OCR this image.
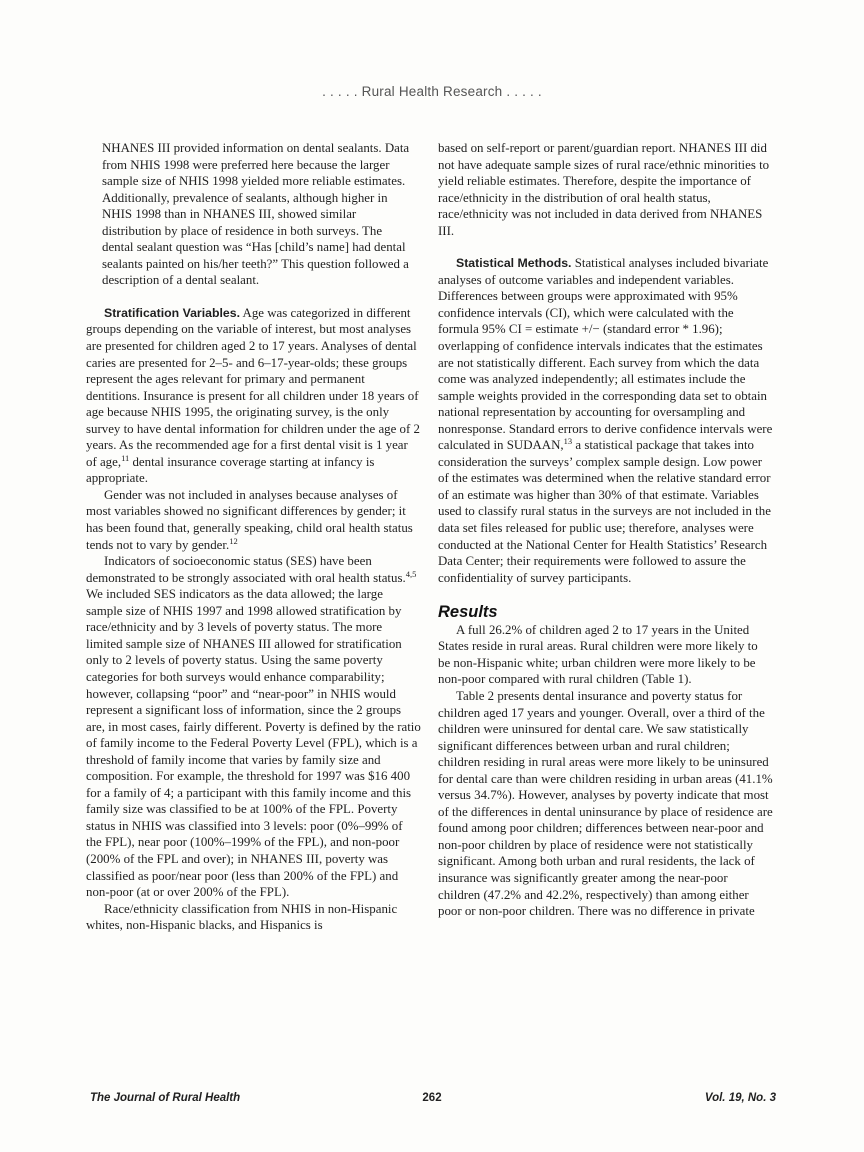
. . . . . Rural Health Research . . . . .

NHANES III provided information on dental sealants. Data from NHIS 1998 were preferred here because the larger sample size of NHIS 1998 yielded more reliable estimates. Additionally, prevalence of sealants, although higher in NHIS 1998 than in NHANES III, showed similar distribution by place of residence in both surveys. The dental sealant question was “Has [child’s name] had dental sealants painted on his/her teeth?” This question followed a description of a dental sealant.

Stratification Variables. Age was categorized in different groups depending on the variable of interest, but most analyses are presented for children aged 2 to 17 years. Analyses of dental caries are presented for 2–5- and 6–17-year-olds; these groups represent the ages relevant for primary and permanent dentitions. Insurance is present for all children under 18 years of age because NHIS 1995, the originating survey, is the only survey to have dental information for children under the age of 2 years. As the recommended age for a first dental visit is 1 year of age,$^{11}$ dental insurance coverage starting at infancy is appropriate.

Gender was not included in analyses because analyses of most variables showed no significant differences by gender; it has been found that, generally speaking, child oral health status tends not to vary by gender.$^{12}$

Indicators of socioeconomic status (SES) have been demonstrated to be strongly associated with oral health status.$^{4,5}$ We included SES indicators as the data allowed; the large sample size of NHIS 1997 and 1998 allowed stratification by race/ethnicity and by 3 levels of poverty status. The more limited sample size of NHANES III allowed for stratification only to 2 levels of poverty status. Using the same poverty categories for both surveys would enhance comparability; however, collapsing “poor” and “near-poor” in NHIS would represent a significant loss of information, since the 2 groups are, in most cases, fairly different. Poverty is defined by the ratio of family income to the Federal Poverty Level (FPL), which is a threshold of family income that varies by family size and composition. For example, the threshold for 1997 was $16 400 for a family of 4; a participant with this family income and this family size was classified to be at 100% of the FPL. Poverty status in NHIS was classified into 3 levels: poor (0%–99% of the FPL), near poor (100%–199% of the FPL), and non-poor (200% of the FPL and over); in NHANES III, poverty was classified as poor/near poor (less than 200% of the FPL) and non-poor (at or over 200% of the FPL).

Race/ethnicity classification from NHIS in non-Hispanic whites, non-Hispanic blacks, and Hispanics is

based on self-report or parent/guardian report. NHANES III did not have adequate sample sizes of rural race/ethnic minorities to yield reliable estimates. Therefore, despite the importance of race/ethnicity in the distribution of oral health status, race/ethnicity was not included in data derived from NHANES III.

Statistical Methods. Statistical analyses included bivariate analyses of outcome variables and independent variables. Differences between groups were approximated with 95% confidence intervals (CI), which were calculated with the formula 95% CI = estimate +/− (standard error * 1.96); overlapping of confidence intervals indicates that the estimates are not statistically different. Each survey from which the data come was analyzed independently; all estimates include the sample weights provided in the corresponding data set to obtain national representation by accounting for oversampling and nonresponse. Standard errors to derive confidence intervals were calculated in SUDAAN,$^{13}$ a statistical package that takes into consideration the surveys’ complex sample design. Low power of the estimates was determined when the relative standard error of an estimate was higher than 30% of that estimate. Variables used to classify rural status in the surveys are not included in the data set files released for public use; therefore, analyses were conducted at the National Center for Health Statistics’ Research Data Center; their requirements were followed to assure the confidentiality of survey participants.

Results

A full 26.2% of children aged 2 to 17 years in the United States reside in rural areas. Rural children were more likely to be non-Hispanic white; urban children were more likely to be non-poor compared with rural children (Table 1).

Table 2 presents dental insurance and poverty status for children aged 17 years and younger. Overall, over a third of the children were uninsured for dental care. We saw statistically significant differences between urban and rural children; children residing in rural areas were more likely to be uninsured for dental care than were children residing in urban areas (41.1% versus 34.7%). However, analyses by poverty indicate that most of the differences in dental uninsurance by place of residence are found among poor children; differences between near-poor and non-poor children by place of residence were not statistically significant. Among both urban and rural residents, the lack of insurance was significantly greater among the near-poor children (47.2% and 42.2%, respectively) than among either poor or non-poor children. There was no difference in private

The Journal of Rural Health	262	Vol. 19, No. 3
